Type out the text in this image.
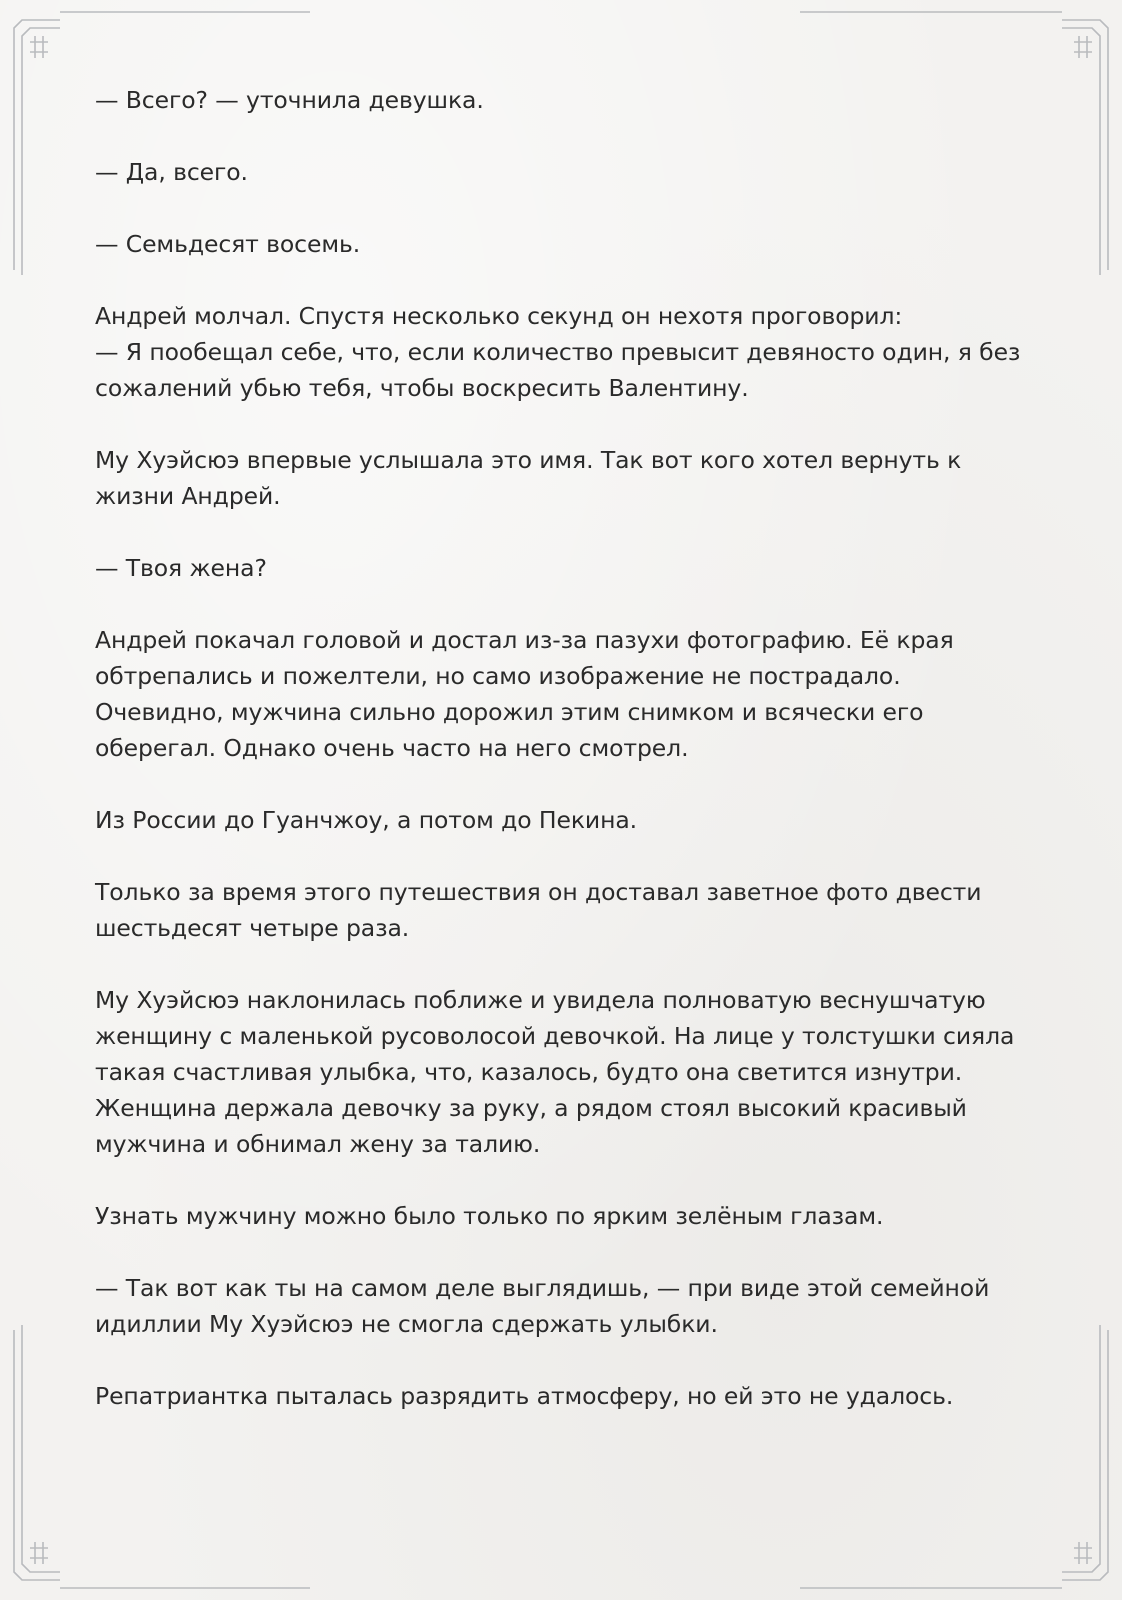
— Всего? — уточнила девушка.

— Да, всего.

— Семьдесят восемь.

Андрей молчал. Спустя несколько секунд он нехотя проговорил:

— Я пообещал себе, что, если количество превысит девяносто один, я без сожалений убью тебя, чтобы воскресить Валентину.

Му Хуэйсюэ впервые услышала это имя. Так вот кого хотел вернуть к жизни Андрей.

— Твоя жена?

Андрей покачал головой и достал из-за пазухи фотографию. Её края обтрепались и пожелтели, но само изображение не пострадало. Очевидно, мужчина сильно дорожил этим снимком и всячески его оберегал. Однако очень часто на него смотрел.

Из России до Гуанчжоу, а потом до Пекина.

Только за время этого путешествия он доставал заветное фото двести шестьдесят четыре раза.

Му Хуэйсюэ наклонилась поближе и увидела полноватую веснушчатую женщину с маленькой русоволосой девочкой. На лице у толстушки сияла такая счастливая улыбка, что, казалось, будто она светится изнутри. Женщина держала девочку за руку, а рядом стоял высокий красивый мужчина и обнимал жену за талию.

Узнать мужчину можно было только по ярким зелёным глазам.

— Так вот как ты на самом деле выглядишь, — при виде этой семейной идиллии Му Хуэйсюэ не смогла сдержать улыбки.

Репатриантка пыталась разрядить атмосферу, но ей это не удалось.
